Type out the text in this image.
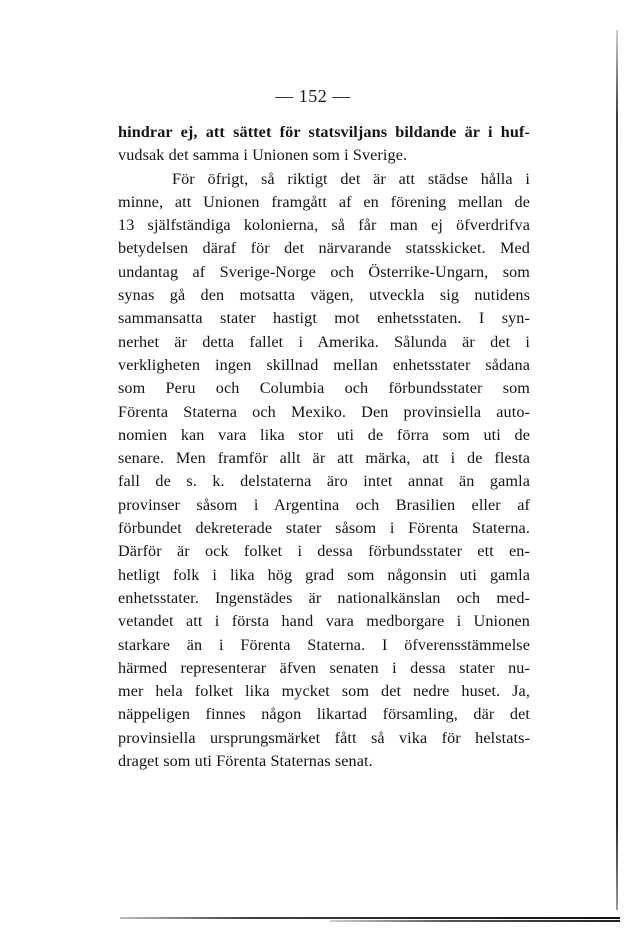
— 152 —
hindrar ej, att sättet för statsviljans bildande är i huf-
vudsak det samma i Unionen som i Sverige.
För öfrigt, så riktigt det är att städse hålla i
minne, att Unionen framgått af en förening mellan de
13 själfständiga kolonierna, så får man ej öfverdrifva
betydelsen däraf för det närvarande statsskicket. Med
undantag af Sverige-Norge och Österrike-Ungarn, som
synas gå den motsatta vägen, utveckla sig nutidens
sammansatta stater hastigt mot enhetsstaten. I syn-
nerhet är detta fallet i Amerika. Sålunda är det i
verkligheten ingen skillnad mellan enhetsstater sådana
som Peru och Columbia och förbundsstater som
Förenta Staterna och Mexiko. Den provinsiella auto-
nomien kan vara lika stor uti de förra som uti de
senare. Men framför allt är att märka, att i de flesta
fall de s. k. delstaterna äro intet annat än gamla
provinser såsom i Argentina och Brasilien eller af
förbundet dekreterade stater såsom i Förenta Staterna.
Därför är ock folket i dessa förbundsstater ett en-
hetligt folk i lika hög grad som någonsin uti gamla
enhetsstater. Ingenstädes är nationalkänslan och med-
vetandet att i första hand vara medborgare i Unionen
starkare än i Förenta Staterna. I öfverensstämmelse
härmed representerar äfven senaten i dessa stater nu-
mer hela folket lika mycket som det nedre huset. Ja,
näppeligen finnes någon likartad församling, där det
provinsiella ursprungsmärket fått så vika för helstats-
draget som uti Förenta Staternas senat.
